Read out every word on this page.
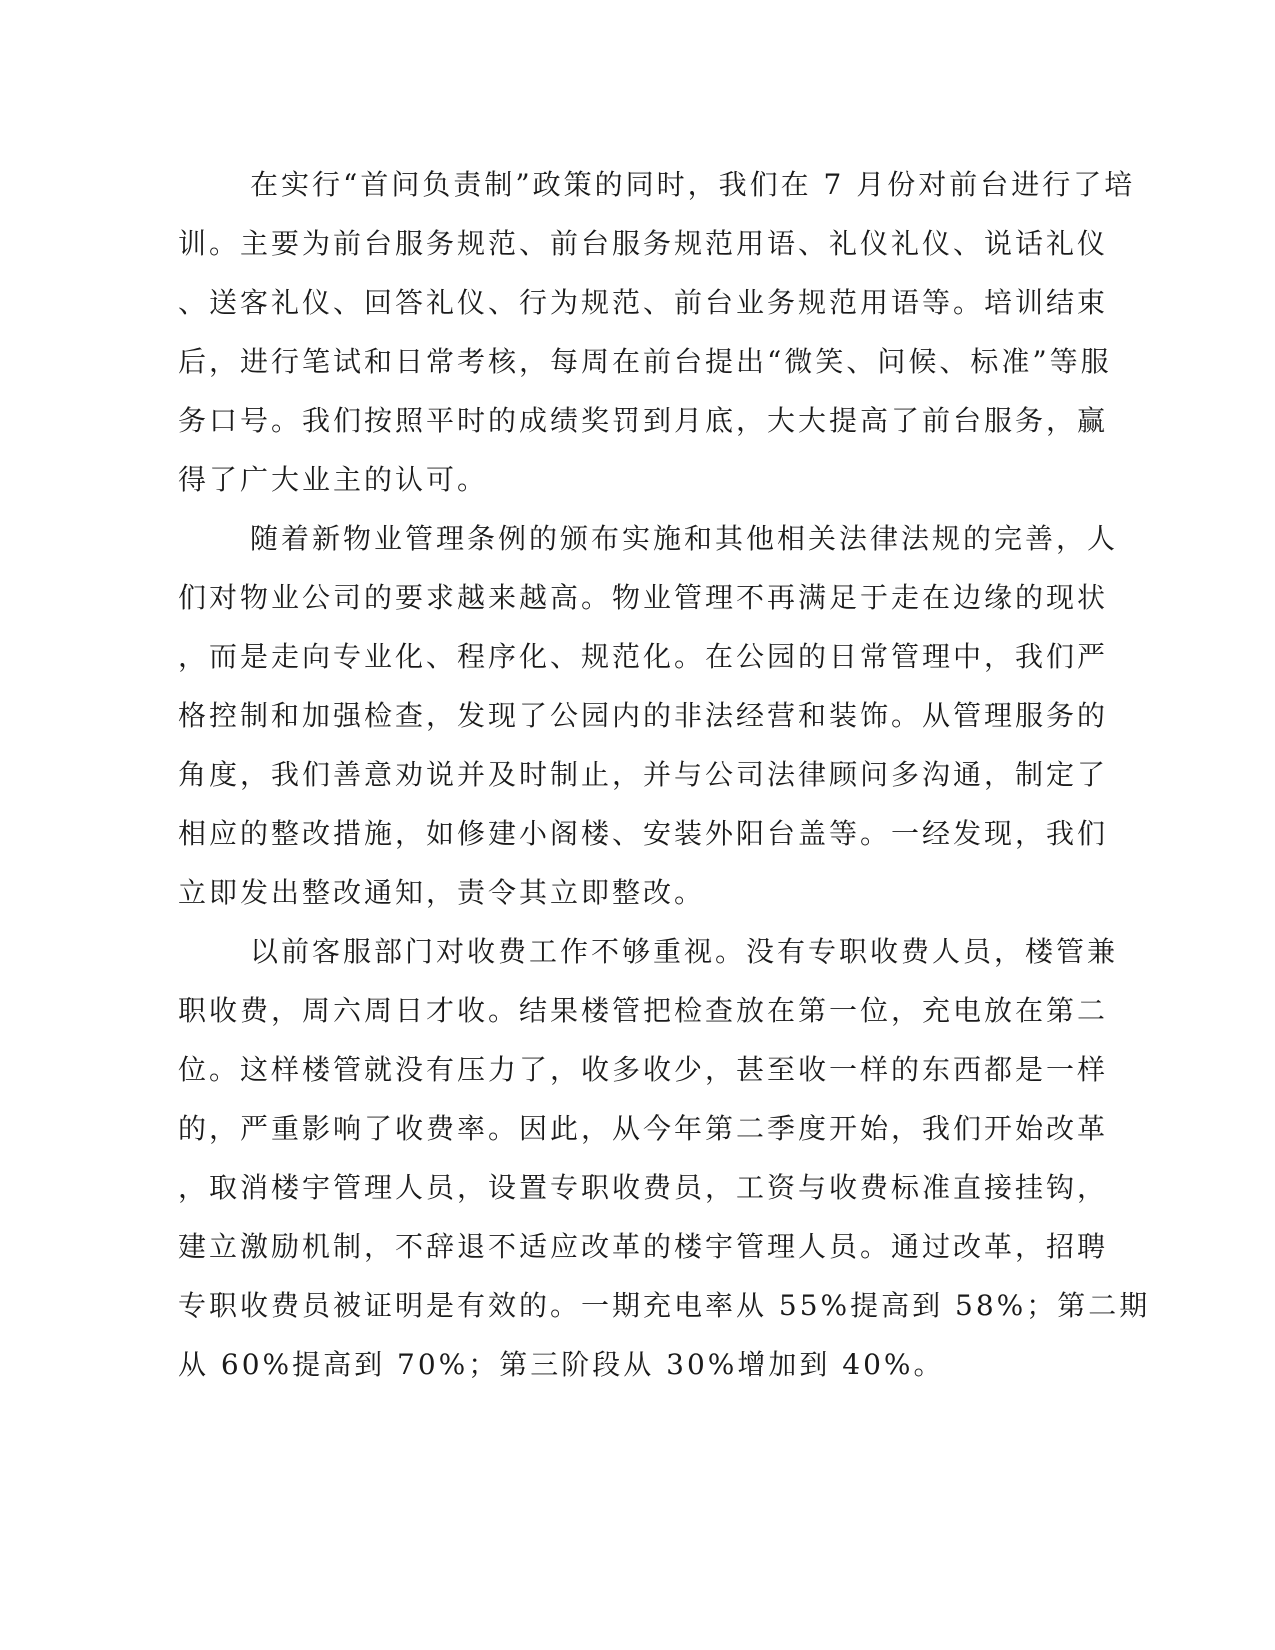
在实行“首问负责制”政策的同时，我们在 7 月份对前台进行了培
训。主要为前台服务规范、前台服务规范用语、礼仪礼仪、说话礼仪
、送客礼仪、回答礼仪、行为规范、前台业务规范用语等。培训结束
后，进行笔试和日常考核，每周在前台提出“微笑、问候、标准”等服
务口号。我们按照平时的成绩奖罚到月底，大大提高了前台服务，赢
得了广大业主的认可。
随着新物业管理条例的颁布实施和其他相关法律法规的完善，人
们对物业公司的要求越来越高。物业管理不再满足于走在边缘的现状
，而是走向专业化、程序化、规范化。在公园的日常管理中，我们严
格控制和加强检查，发现了公园内的非法经营和装饰。从管理服务的
角度，我们善意劝说并及时制止，并与公司法律顾问多沟通，制定了
相应的整改措施，如修建小阁楼、安装外阳台盖等。一经发现，我们
立即发出整改通知，责令其立即整改。
以前客服部门对收费工作不够重视。没有专职收费人员，楼管兼
职收费，周六周日才收。结果楼管把检查放在第一位，充电放在第二
位。这样楼管就没有压力了，收多收少，甚至收一样的东西都是一样
的，严重影响了收费率。因此，从今年第二季度开始，我们开始改革
，取消楼宇管理人员，设置专职收费员，工资与收费标准直接挂钩，
建立激励机制，不辞退不适应改革的楼宇管理人员。通过改革，招聘
专职收费员被证明是有效的。一期充电率从 55%提高到 58%；第二期
从 60%提高到 70%；第三阶段从 30%增加到 40%。
